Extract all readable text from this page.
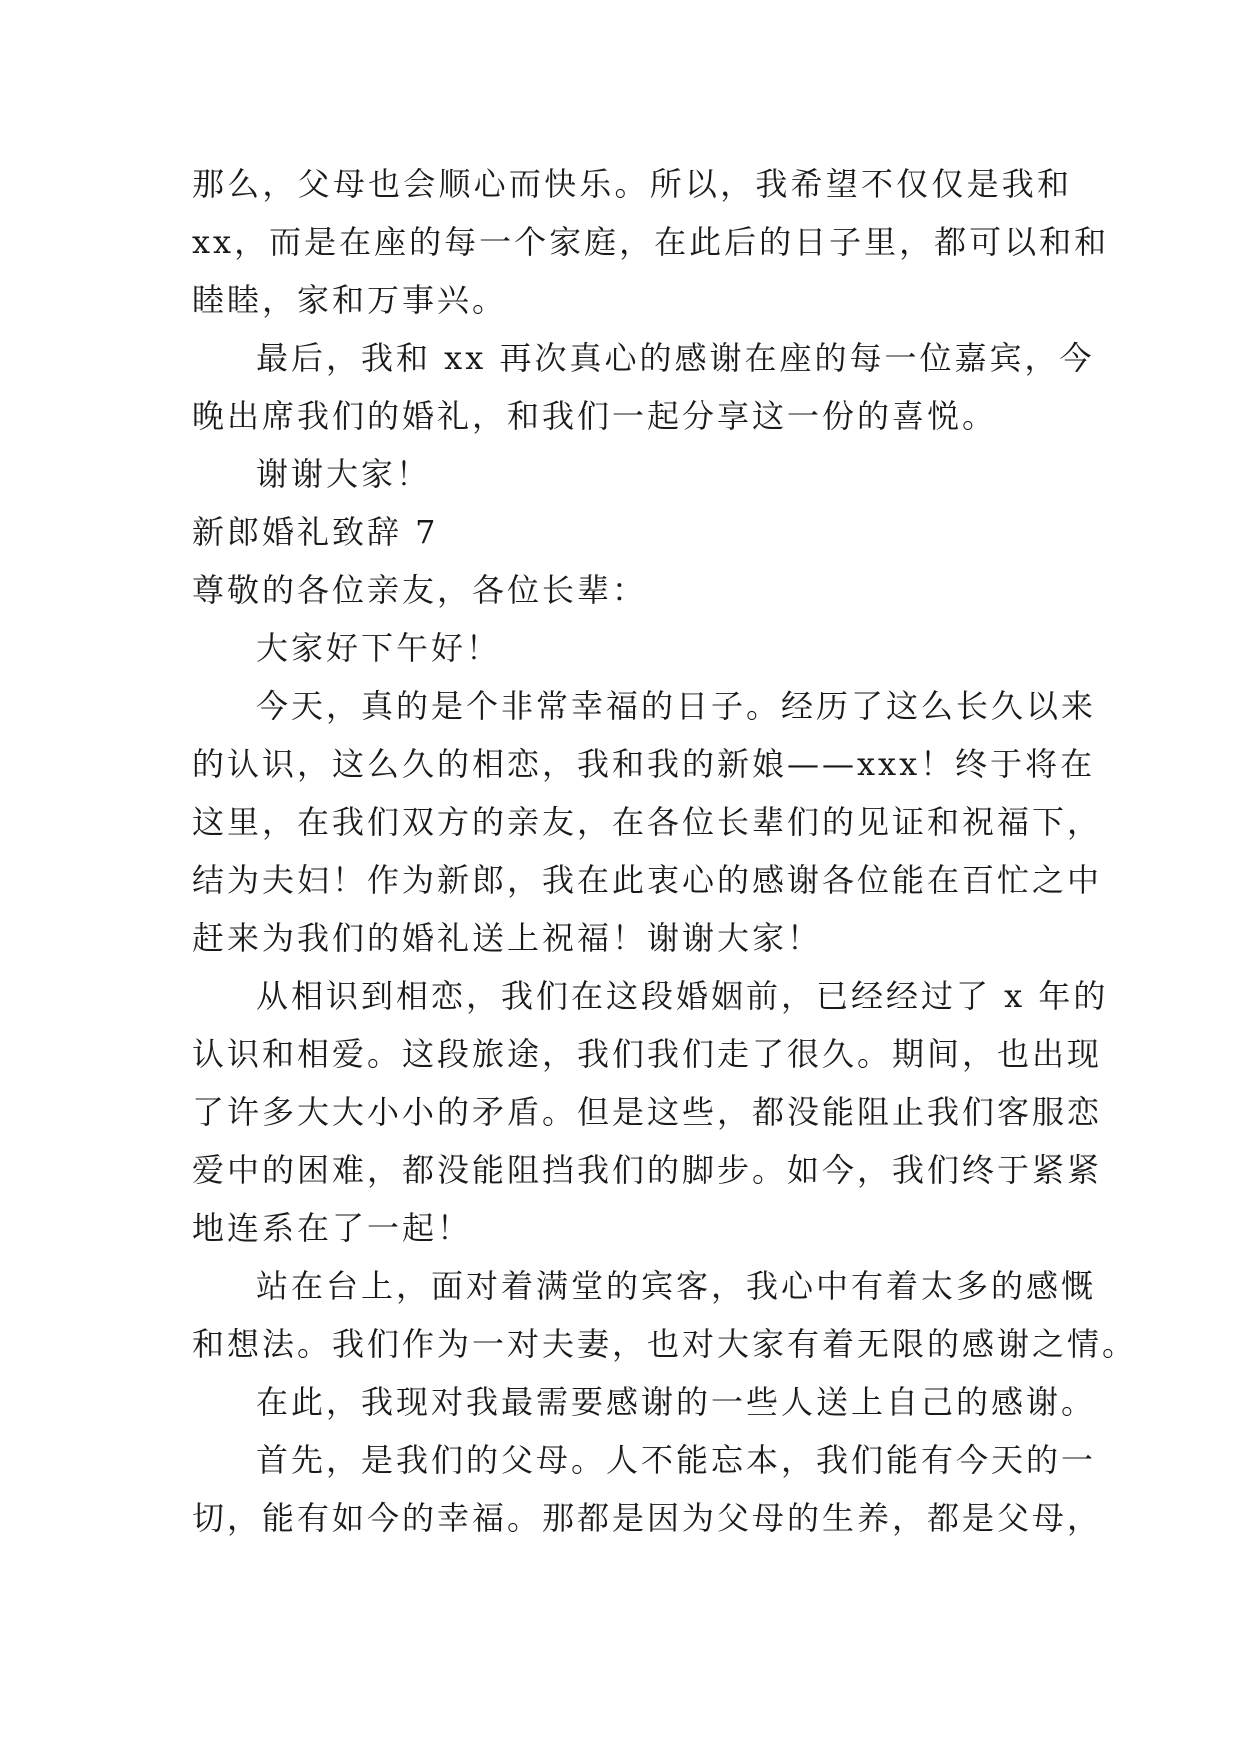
那么，父母也会顺心而快乐。所以，我希望不仅仅是我和
xx，而是在座的每一个家庭，在此后的日子里，都可以和和
睦睦，家和万事兴。
最后，我和 xx 再次真心的感谢在座的每一位嘉宾，今
晚出席我们的婚礼，和我们一起分享这一份的喜悦。
谢谢大家！
新郎婚礼致辞 7
尊敬的各位亲友，各位长辈：
大家好下午好！
今天，真的是个非常幸福的日子。经历了这么长久以来
的认识，这么久的相恋，我和我的新娘——xxx！终于将在
这里，在我们双方的亲友，在各位长辈们的见证和祝福下，
结为夫妇！作为新郎，我在此衷心的感谢各位能在百忙之中
赶来为我们的婚礼送上祝福！谢谢大家！
从相识到相恋，我们在这段婚姻前，已经经过了 x 年的
认识和相爱。这段旅途，我们我们走了很久。期间，也出现
了许多大大小小的矛盾。但是这些，都没能阻止我们客服恋
爱中的困难，都没能阻挡我们的脚步。如今，我们终于紧紧
地连系在了一起！
站在台上，面对着满堂的宾客，我心中有着太多的感慨
和想法。我们作为一对夫妻，也对大家有着无限的感谢之情。
在此，我现对我最需要感谢的一些人送上自己的感谢。
首先，是我们的父母。人不能忘本，我们能有今天的一
切，能有如今的幸福。那都是因为父母的生养，都是父母，
